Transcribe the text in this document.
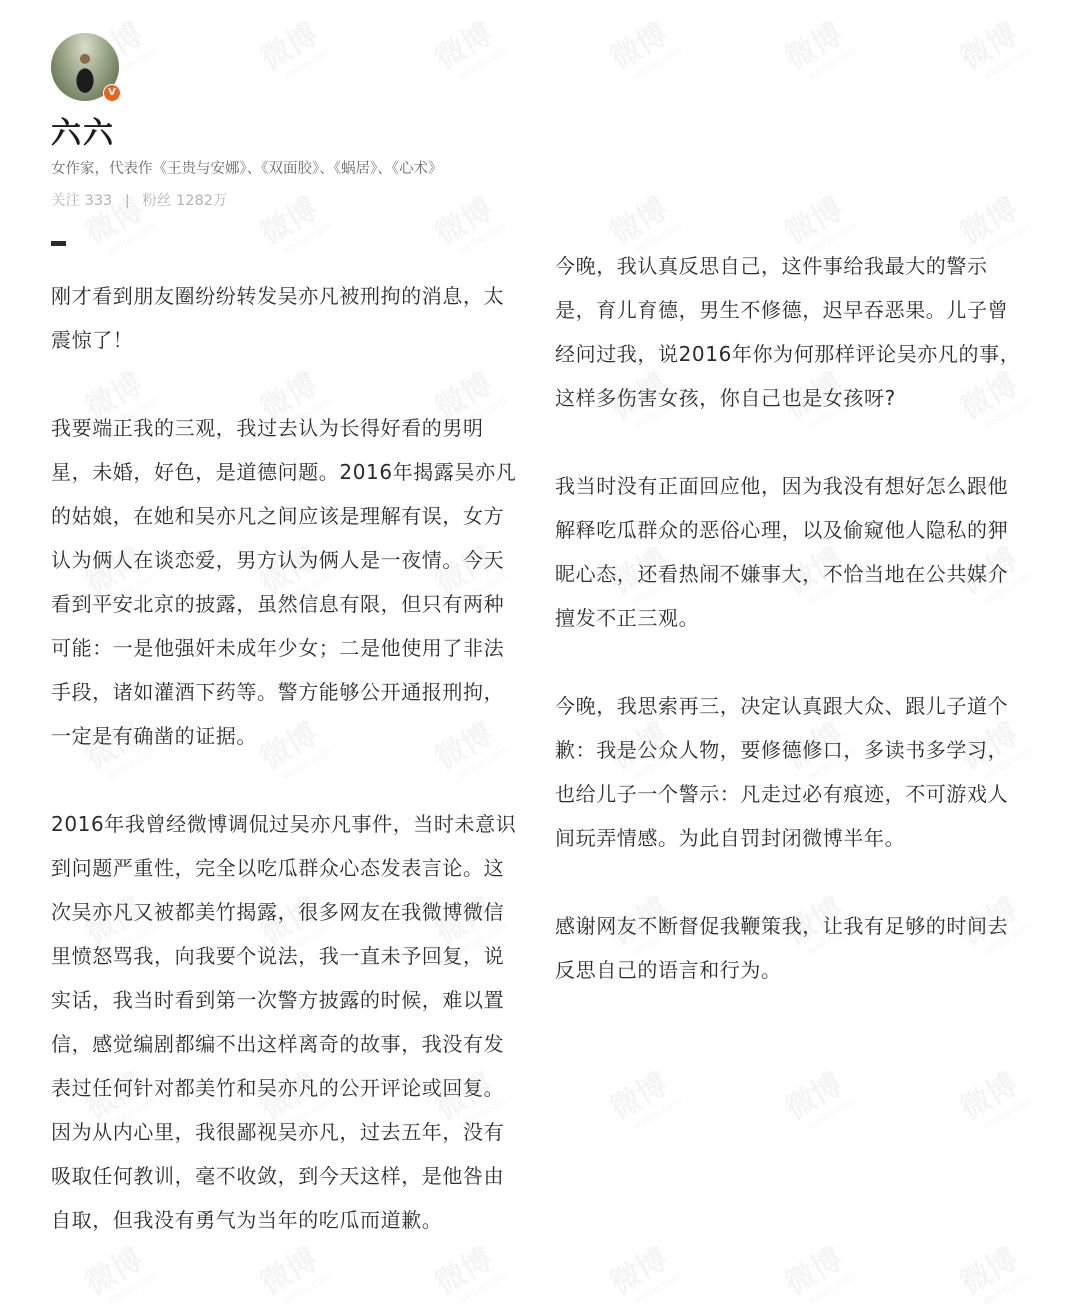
V
六六
女作家，代表作《王贵与安娜》、《双面胶》、《蜗居》、《心术》
关注 333 | 粉丝 1282万
刚才看到朋友圈纷纷转发吴亦凡被刑拘的消息，太
震惊了！
我要端正我的三观，我过去认为长得好看的男明
星，未婚，好色，是道德问题。2016年揭露吴亦凡
的姑娘，在她和吴亦凡之间应该是理解有误，女方
认为俩人在谈恋爱，男方认为俩人是一夜情。今天
看到平安北京的披露，虽然信息有限，但只有两种
可能：一是他强奸未成年少女；二是他使用了非法
手段，诸如灌酒下药等。警方能够公开通报刑拘，
一定是有确凿的证据。
2016年我曾经微博调侃过吴亦凡事件，当时未意识
到问题严重性，完全以吃瓜群众心态发表言论。这
次吴亦凡又被都美竹揭露，很多网友在我微博微信
里愤怒骂我，向我要个说法，我一直未予回复，说
实话，我当时看到第一次警方披露的时候，难以置
信，感觉编剧都编不出这样离奇的故事，我没有发
表过任何针对都美竹和吴亦凡的公开评论或回复。
因为从内心里，我很鄙视吴亦凡，过去五年，没有
吸取任何教训，毫不收敛，到今天这样，是他咎由
自取，但我没有勇气为当年的吃瓜而道歉。
今晚，我认真反思自己，这件事给我最大的警示
是，育儿育德，男生不修德，迟早吞恶果。儿子曾
经问过我，说2016年你为何那样评论吴亦凡的事，
这样多伤害女孩，你自己也是女孩呀?
我当时没有正面回应他，因为我没有想好怎么跟他
解释吃瓜群众的恶俗心理，以及偷窥他人隐私的狎
昵心态，还看热闹不嫌事大，不恰当地在公共媒介
擅发不正三观。
今晚，我思索再三，决定认真跟大众、跟儿子道个
歉：我是公众人物，要修德修口，多读书多学习，
也给儿子一个警示：凡走过必有痕迹，不可游戏人
间玩弄情感。为此自罚封闭微博半年。
感谢网友不断督促我鞭策我，让我有足够的时间去
反思自己的语言和行为。
